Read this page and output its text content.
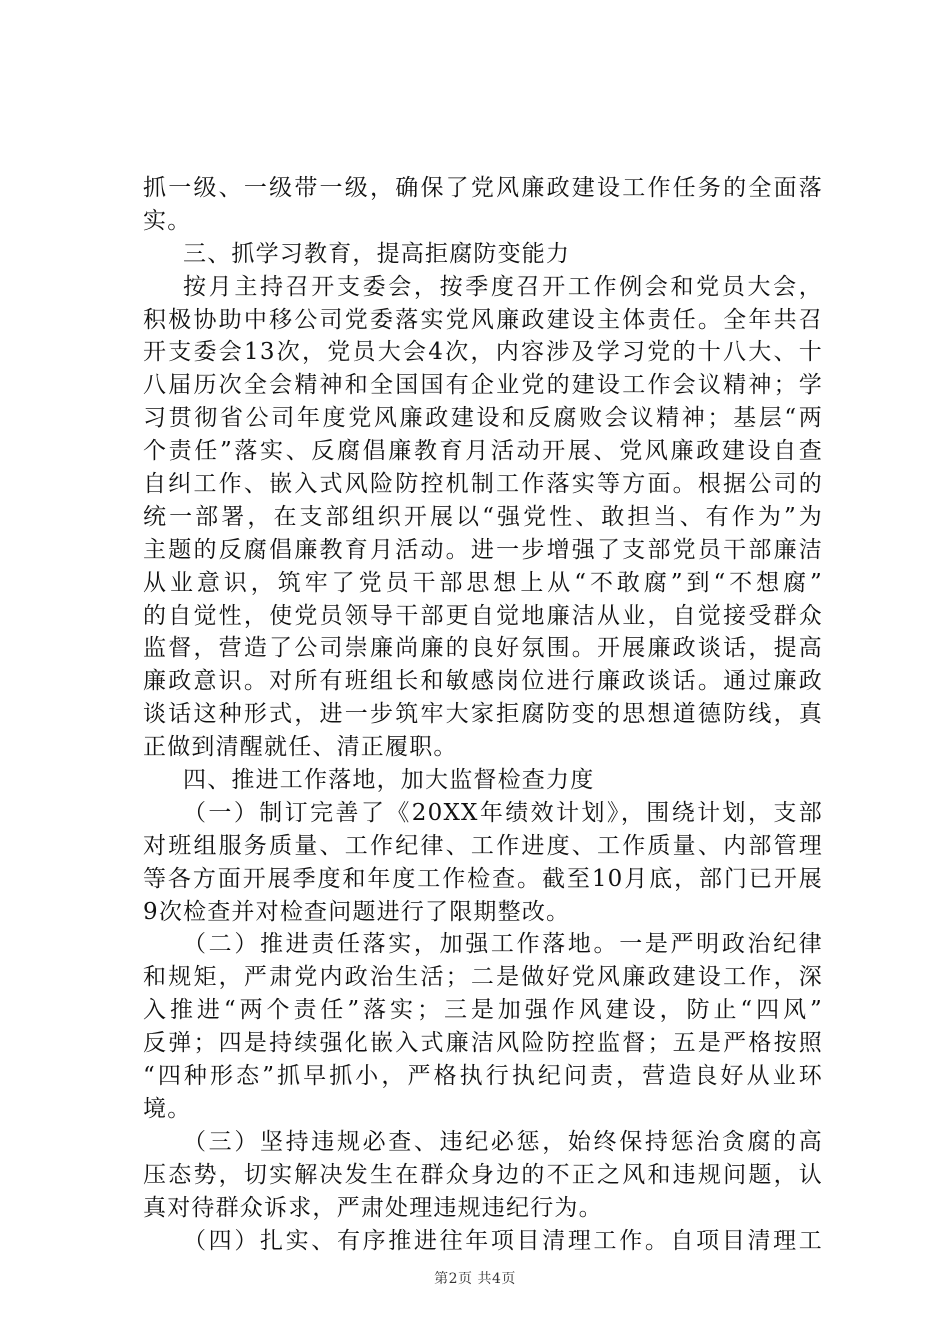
抓一级、一级带一级，确保了党风廉政建设工作任务的全面落
实。
三、抓学习教育，提高拒腐防变能力
按月主持召开支委会，按季度召开工作例会和党员大会，
积极协助中移公司党委落实党风廉政建设主体责任。全年共召
开支委会13次，党员大会4次，内容涉及学习党的十八大、十
八届历次全会精神和全国国有企业党的建设工作会议精神；学
习贯彻省公司年度党风廉政建设和反腐败会议精神；基层“两
个责任”落实、反腐倡廉教育月活动开展、党风廉政建设自查
自纠工作、嵌入式风险防控机制工作落实等方面。根据公司的
统一部署，在支部组织开展以“强党性、敢担当、有作为”为
主题的反腐倡廉教育月活动。进一步增强了支部党员干部廉洁
从业意识，筑牢了党员干部思想上从“不敢腐”到“不想腐”
的自觉性，使党员领导干部更自觉地廉洁从业，自觉接受群众
监督，营造了公司崇廉尚廉的良好氛围。开展廉政谈话，提高
廉政意识。对所有班组长和敏感岗位进行廉政谈话。通过廉政
谈话这种形式，进一步筑牢大家拒腐防变的思想道德防线，真
正做到清醒就任、清正履职。
四、推进工作落地，加大监督检查力度
（一）制订完善了《20XX年绩效计划》，围绕计划，支部
对班组服务质量、工作纪律、工作进度、工作质量、内部管理
等各方面开展季度和年度工作检查。截至10月底，部门已开展
9次检查并对检查问题进行了限期整改。
（二）推进责任落实，加强工作落地。一是严明政治纪律
和规矩，严肃党内政治生活；二是做好党风廉政建设工作，深
入推进“两个责任”落实；三是加强作风建设，防止“四风”
反弹；四是持续强化嵌入式廉洁风险防控监督；五是严格按照
“四种形态”抓早抓小，严格执行执纪问责，营造良好从业环
境。
（三）坚持违规必查、违纪必惩，始终保持惩治贪腐的高
压态势，切实解决发生在群众身边的不正之风和违规问题，认
真对待群众诉求，严肃处理违规违纪行为。
（四）扎实、有序推进往年项目清理工作。自项目清理工
第2页 共4页
